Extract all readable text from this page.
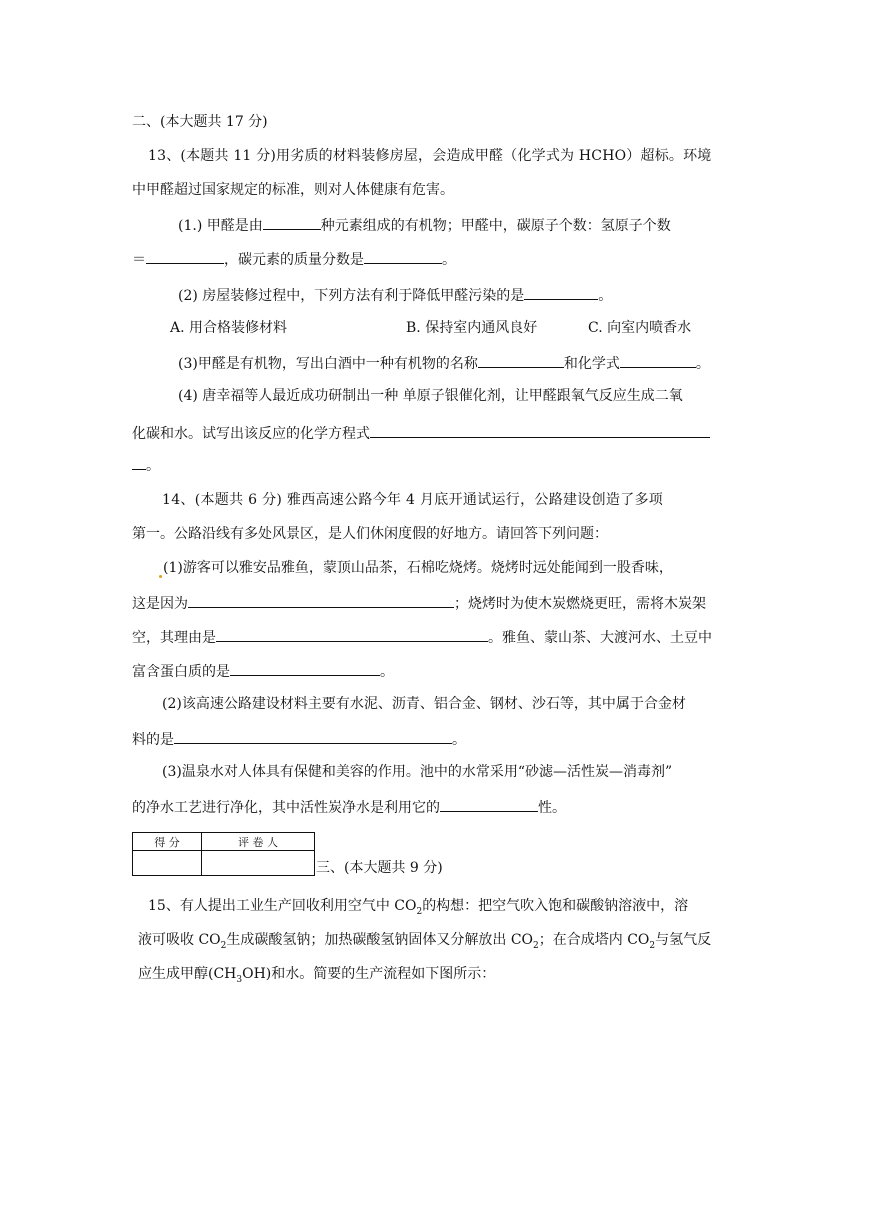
二、(本大题共 17 分)
13、(本题共 11 分)用劣质的材料装修房屋，会造成甲醛（化学式为 HCHO）超标。环境
中甲醛超过国家规定的标准，则对人体健康有危害。
(1.) 甲醛是由	种元素组成的有机物；甲醛中，碳原子个数：氢原子个数
＝	，碳元素的质量分数是	。
(2) 房屋装修过程中，下列方法有利于降低甲醛污染的是	。
A. 用合格装修材料	B. 保持室内通风良好	C. 向室内喷香水
(3)甲醛是有机物，写出白酒中一种有机物的名称	和化学式	。
(4) 唐幸福等人最近成功研制出一种 单原子银催化剂，让甲醛跟氧气反应生成二氧
化碳和水。试写出该反应的化学方程式
。
14、(本题共 6 分) 雅西高速公路今年 4 月底开通试运行，公路建设创造了多项
第一。公路沿线有多处风景区，是人们休闲度假的好地方。请回答下列问题：
(1)游客可以雅安品雅鱼，蒙顶山品茶，石棉吃烧烤。烧烤时远处能闻到一股香味，
这是因为	；烧烤时为使木炭燃烧更旺，需将木炭架
空，其理由是	。雅鱼、蒙山茶、大渡河水、土豆中
富含蛋白质的是	。
(2)该高速公路建设材料主要有水泥、沥青、铝合金、钢材、沙石等，其中属于合金材
料的是	。
(3)温泉水对人体具有保健和美容的作用。池中的水常采用“砂滤—活性炭—消毒剂”
的净水工艺进行净化，其中活性炭净水是利用它的	性。
得 分	评 卷 人

三、(本大题共 9 分)
15、有人提出工业生产回收利用空气中 $CO_2$的构想：把空气吹入饱和碳酸钠溶液中，溶
液可吸收 $CO_2$生成碳酸氢钠；加热碳酸氢钠固体又分解放出 $CO_2$；在合成塔内 $CO_2$与氢气反
应生成甲醇$(CH_3OH)$和水。简要的生产流程如下图所示：
